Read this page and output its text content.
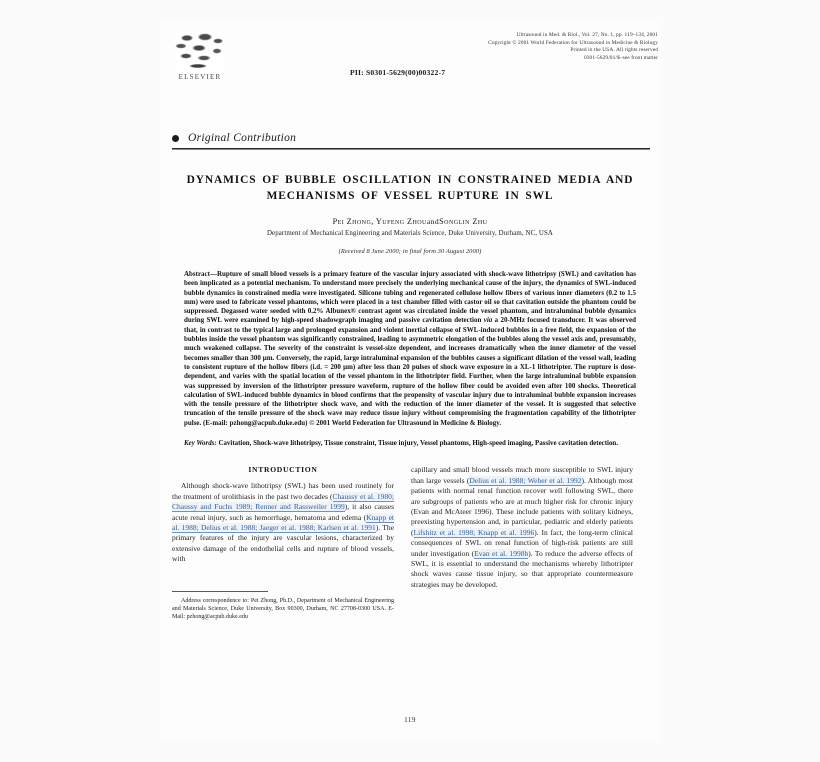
ELSEVIER
Ultrasound in Med. & Biol., Vol. 27, No. 1, pp. 119–134, 2001
Copyright © 2001 World Federation for Ultrasound in Medicine & Biology
Printed in the USA. All rights reserved
0301-5629/01/$–see front matter
PII: S0301-5629(00)00322-7
Original Contribution
DYNAMICS OF BUBBLE OSCILLATION IN CONSTRAINED MEDIA AND MECHANISMS OF VESSEL RUPTURE IN SWL
Pei Zhong, Yufeng ZhouandSonglin Zhu
Department of Mechanical Engineering and Materials Science, Duke University, Durham, NC, USA
(Received 8 June 2000; in final form 30 August 2000)
Abstract—Rupture of small blood vessels is a primary feature of the vascular injury associated with shock-wave lithotripsy (SWL) and cavitation has been implicated as a potential mechanism. To understand more precisely the underlying mechanical cause of the injury, the dynamics of SWL-induced bubble dynamics in constrained media were investigated. Silicone tubing and regenerated cellulose hollow fibers of various inner diameters (0.2 to 1.5 mm) were used to fabricate vessel phantoms, which were placed in a test chamber filled with castor oil so that cavitation outside the phantom could be suppressed. Degassed water seeded with 0.2% Albunex® contrast agent was circulated inside the vessel phantom, and intraluminal bubble dynamics during SWL were examined by high-speed shadowgraph imaging and passive cavitation detection via a 20-MHz focused transducer. It was observed that, in contrast to the typical large and prolonged expansion and violent inertial collapse of SWL-induced bubbles in a free field, the expansion of the bubbles inside the vessel phantom was significantly constrained, leading to asymmetric elongation of the bubbles along the vessel axis and, presumably, much weakened collapse. The severity of the constraint is vessel-size dependent, and increases dramatically when the inner diameter of the vessel becomes smaller than 300 μm. Conversely, the rapid, large intraluminal expansion of the bubbles causes a significant dilation of the vessel wall, leading to consistent rupture of the hollow fibers (i.d. = 200 μm) after less than 20 pulses of shock wave exposure in a XL-1 lithotripter. The rupture is dose-dependent, and varies with the spatial location of the vessel phantom in the lithotripter field. Further, when the large intraluminal bubble expansion was suppressed by inversion of the lithotripter pressure waveform, rupture of the hollow fiber could be avoided even after 100 shocks. Theoretical calculation of SWL-induced bubble dynamics in blood confirms that the propensity of vascular injury due to intraluminal bubble expansion increases with the tensile pressure of the lithotripter shock wave, and with the reduction of the inner diameter of the vessel. It is suggested that selective truncation of the tensile pressure of the shock wave may reduce tissue injury without compromising the fragmentation capability of the lithotripter pulse. (E-mail: pzhong@acpub.duke.edu) © 2001 World Federation for Ultrasound in Medicine & Biology.
Key Words: Cavitation, Shock-wave lithotripsy, Tissue constraint, Tissue injury, Vessel phantoms, High-speed imaging, Passive cavitation detection.
INTRODUCTION
Although shock-wave lithotripsy (SWL) has been used routinely for the treatment of urolithiasis in the past two decades (Chaussy et al. 1980; Chaussy and Fuchs 1989; Renner and Rassweiler 1999), it also causes acute renal injury, such as hemorrhage, hematoma and edema (Knapp et al. 1988; Delius et al. 1988; Jaeger et al. 1988; Karlsen et al. 1991). The primary features of the injury are vascular lesions, characterized by extensive damage of the endothelial cells and rupture of blood vessels, with
Address correspondence to: Pei Zhong, Ph.D., Department of Mechanical Engineering and Materials Science, Duke University, Box 90300, Durham, NC 27708-0300 USA. E-Mail: pzhong@acpub.duke.edu
capillary and small blood vessels much more susceptible to SWL injury than large vessels (Delius et al. 1988; Weber et al. 1992). Although most patients with normal renal function recover well following SWL, there are subgroups of patients who are at much higher risk for chronic injury (Evan and McAteer 1996). These include patients with solitary kidneys, preexisting hypertension and, in particular, pediatric and elderly patients (Lifshitz et al. 1998; Knapp et al. 1996). In fact, the long-term clinical consequences of SWL on renal function of high-risk patients are still under investigation (Evan et al. 1998b). To reduce the adverse effects of SWL, it is essential to understand the mechanisms whereby lithotripter shock waves cause tissue injury, so that appropriate countermeasure strategies may be developed.
119
